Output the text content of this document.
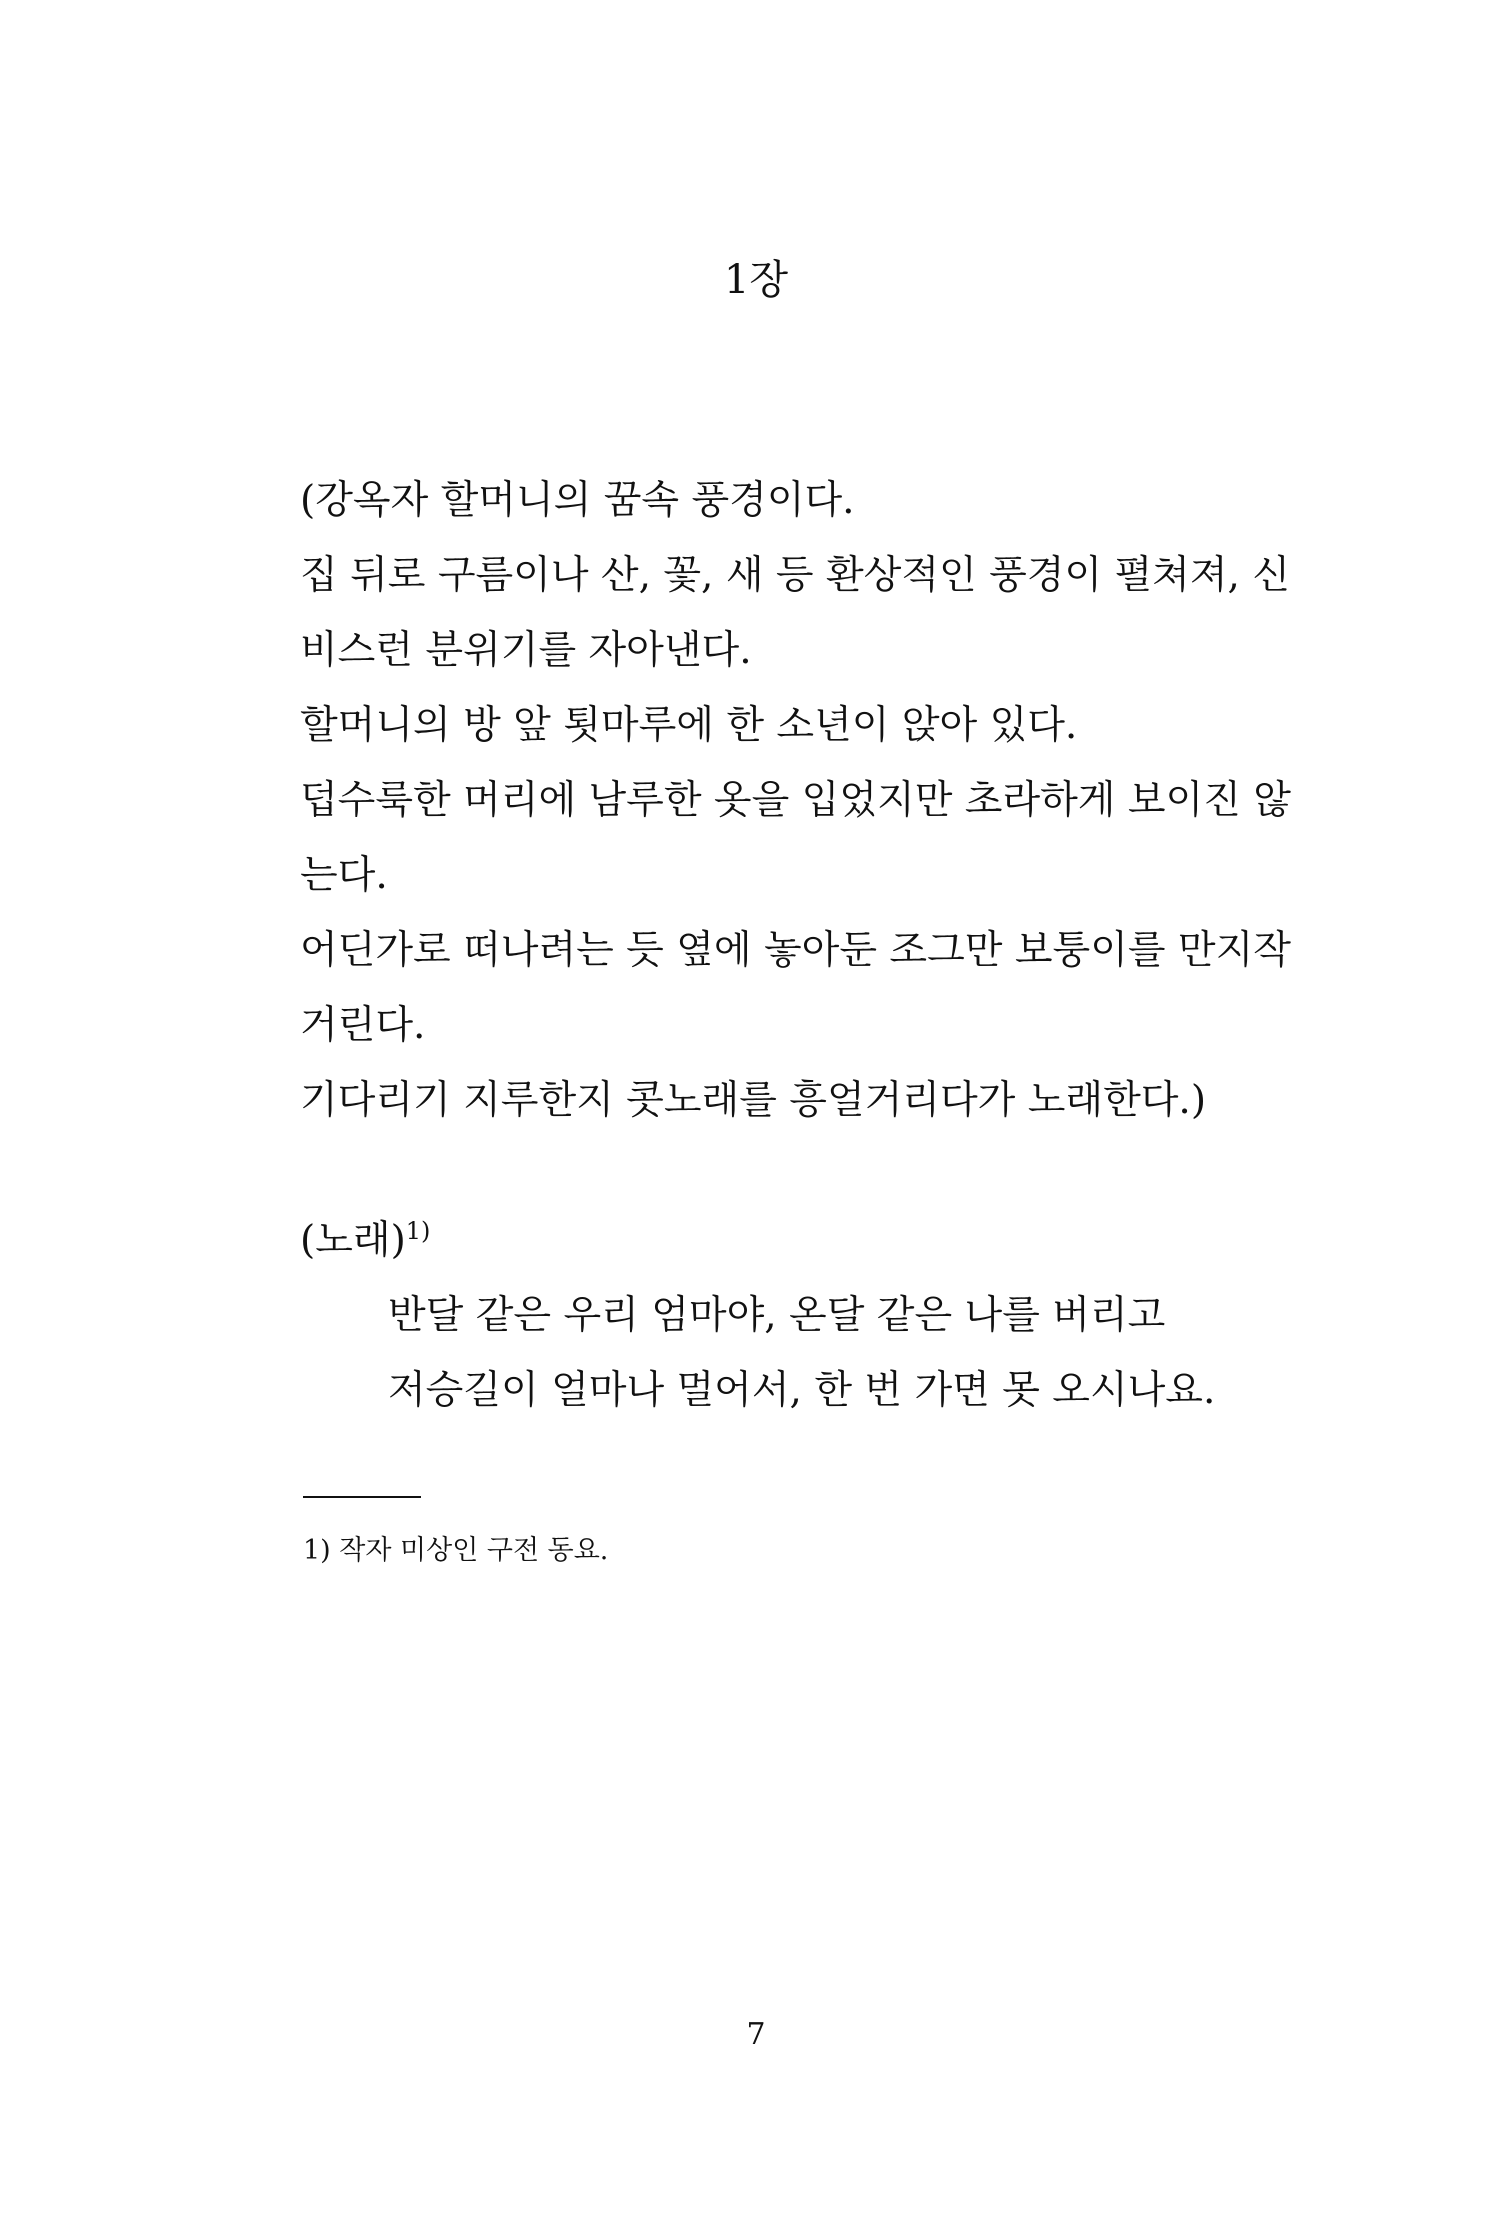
1장
(강옥자 할머니의 꿈속 풍경이다.
집 뒤로 구름이나 산, 꽃, 새 등 환상적인 풍경이 펼쳐져, 신
비스런 분위기를 자아낸다.
할머니의 방 앞 툇마루에 한 소년이 앉아 있다.
덥수룩한 머리에 남루한 옷을 입었지만 초라하게 보이진 않
는다.
어딘가로 떠나려는 듯 옆에 놓아둔 조그만 보퉁이를 만지작
거린다.
기다리기 지루한지 콧노래를 흥얼거리다가 노래한다.)
(노래)$^{1)}$
반달 같은 우리 엄마야, 온달 같은 나를 버리고
저승길이 얼마나 멀어서, 한 번 가면 못 오시나요.
1) 작자 미상인 구전 동요.
7
